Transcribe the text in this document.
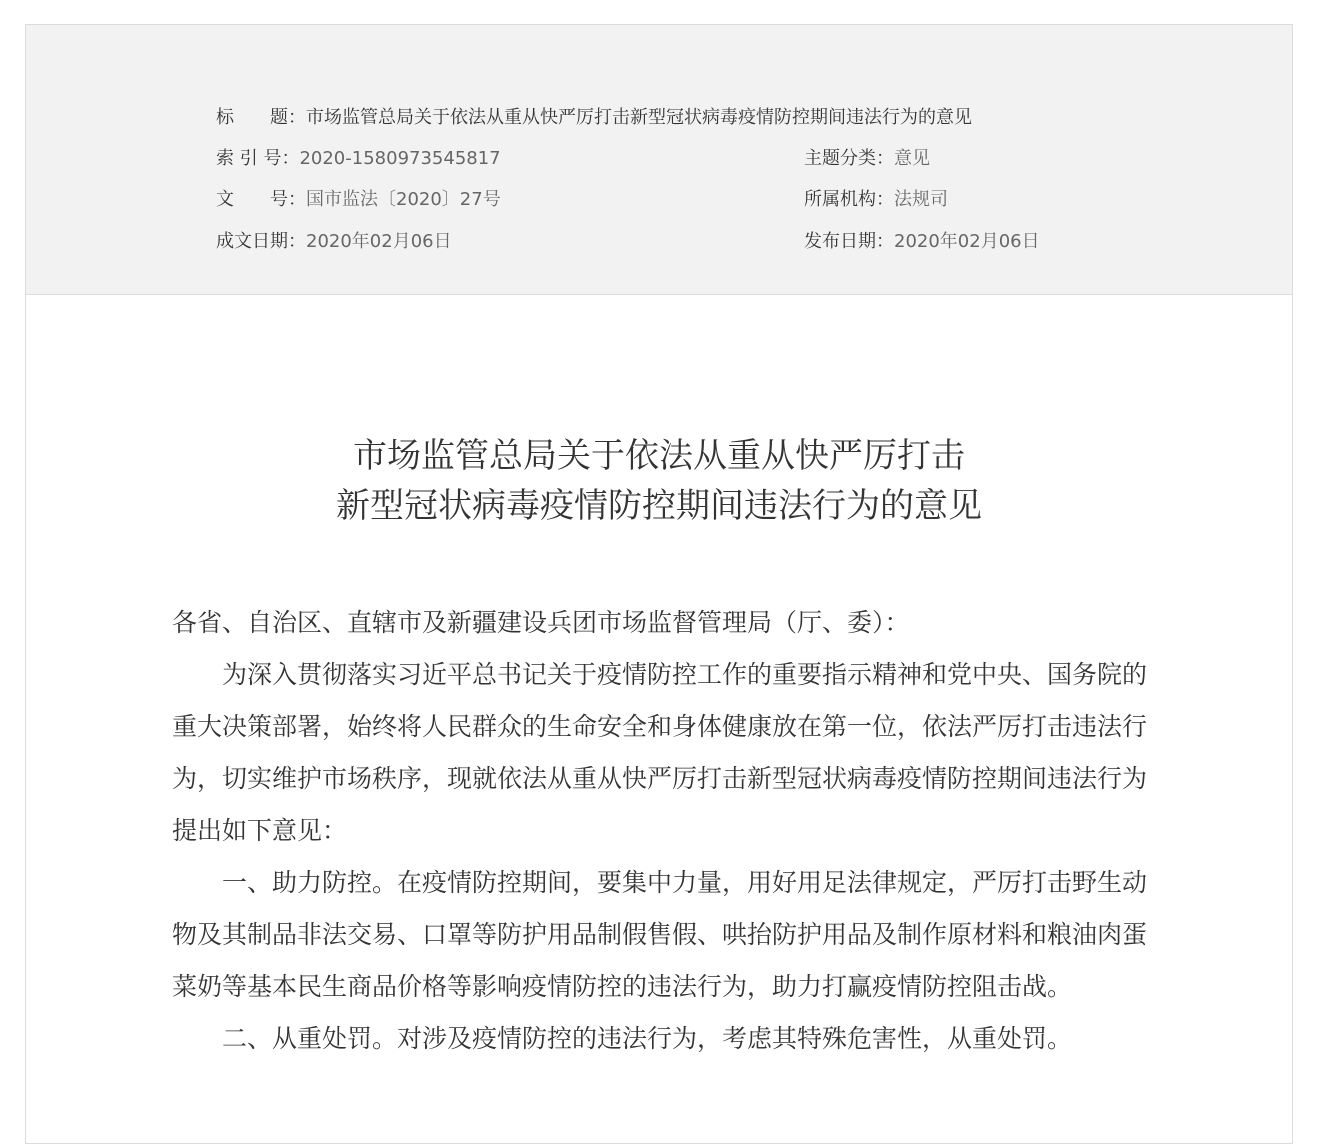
标　　题：市场监管总局关于依法从重从快严厉打击新型冠状病毒疫情防控期间违法行为的意见
索 引 号：2020-1580973545817	主题分类：意见
文　　号：国市监法〔2020〕27号	所属机构：法规司
成文日期：2020年02月06日	发布日期：2020年02月06日
市场监管总局关于依法从重从快严厉打击
新型冠状病毒疫情防控期间违法行为的意见

各省、自治区、直辖市及新疆建设兵团市场监督管理局（厅、委）：

为深入贯彻落实习近平总书记关于疫情防控工作的重要指示精神和党中央、国务院的重大决策部署，始终将人民群众的生命安全和身体健康放在第一位，依法严厉打击违法行为，切实维护市场秩序，现就依法从重从快严厉打击新型冠状病毒疫情防控期间违法行为提出如下意见：

一、助力防控。在疫情防控期间，要集中力量，用好用足法律规定，严厉打击野生动物及其制品非法交易、口罩等防护用品制假售假、哄抬防护用品及制作原材料和粮油肉蛋菜奶等基本民生商品价格等影响疫情防控的违法行为，助力打赢疫情防控阻击战。

二、从重处罚。对涉及疫情防控的违法行为，考虑其特殊危害性，从重处罚。
